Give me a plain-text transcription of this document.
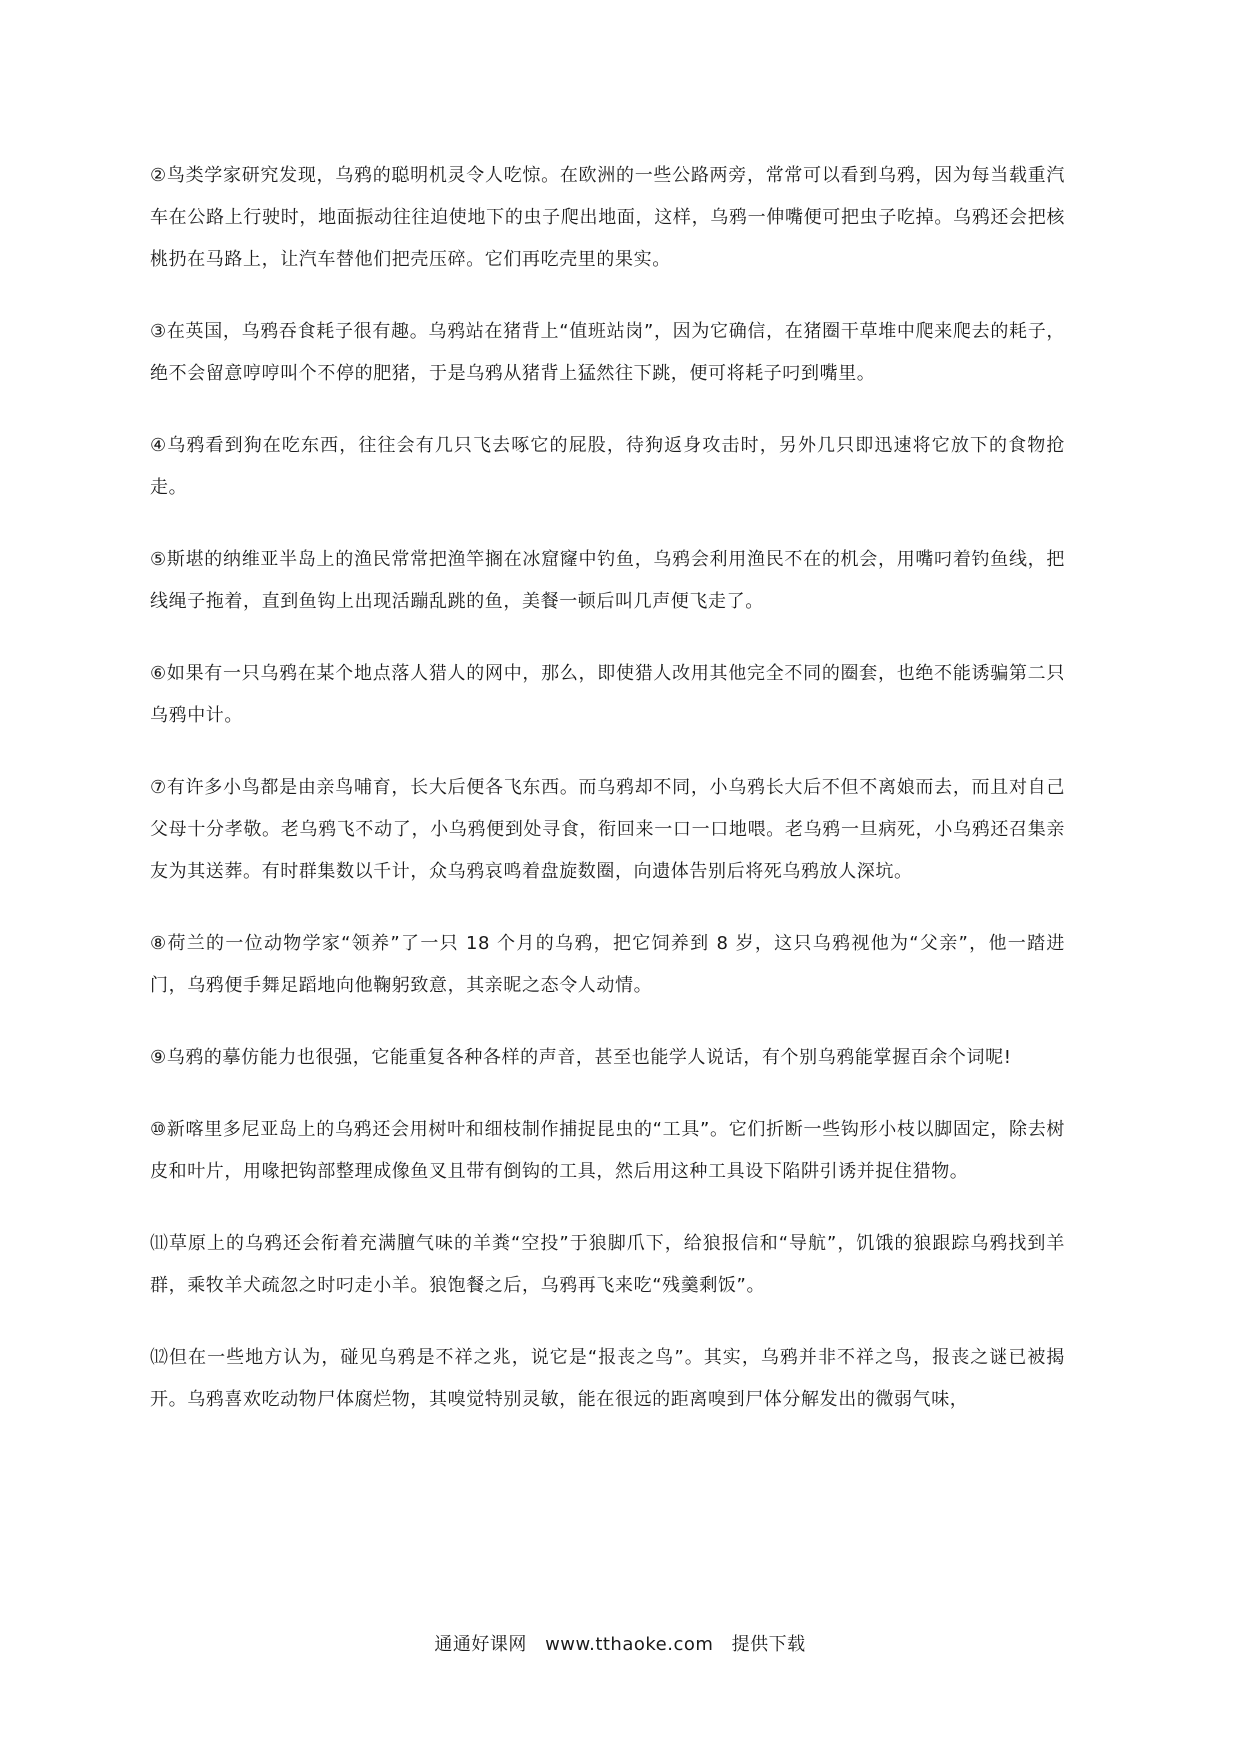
②鸟类学家研究发现，乌鸦的聪明机灵令人吃惊。在欧洲的一些公路两旁，常常可以看到乌鸦，因为每当载重汽车在公路上行驶时，地面振动往往迫使地下的虫子爬出地面，这样，乌鸦一伸嘴便可把虫子吃掉。乌鸦还会把核桃扔在马路上，让汽车替他们把壳压碎。它们再吃壳里的果实。

③在英国，乌鸦吞食耗子很有趣。乌鸦站在猪背上“值班站岗”，因为它确信，在猪圈干草堆中爬来爬去的耗子，绝不会留意哼哼叫个不停的肥猪，于是乌鸦从猪背上猛然往下跳，便可将耗子叼到嘴里。

④乌鸦看到狗在吃东西，往往会有几只飞去啄它的屁股，待狗返身攻击时，另外几只即迅速将它放下的食物抢走。

⑤斯堪的纳维亚半岛上的渔民常常把渔竿搁在冰窟窿中钓鱼，乌鸦会利用渔民不在的机会，用嘴叼着钓鱼线，把线绳子拖着，直到鱼钩上出现活蹦乱跳的鱼，美餐一顿后叫几声便飞走了。

⑥如果有一只乌鸦在某个地点落人猎人的网中，那么，即使猎人改用其他完全不同的圈套，也绝不能诱骗第二只乌鸦中计。

⑦有许多小鸟都是由亲鸟哺育，长大后便各飞东西。而乌鸦却不同，小乌鸦长大后不但不离娘而去，而且对自己父母十分孝敬。老乌鸦飞不动了，小乌鸦便到处寻食，衔回来一口一口地喂。老乌鸦一旦病死，小乌鸦还召集亲友为其送葬。有时群集数以千计，众乌鸦哀鸣着盘旋数圈，向遗体告别后将死乌鸦放人深坑。

⑧荷兰的一位动物学家“领养”了一只 18 个月的乌鸦，把它饲养到 8 岁，这只乌鸦视他为“父亲”，他一踏进门，乌鸦便手舞足蹈地向他鞠躬致意，其亲昵之态令人动情。

⑨乌鸦的摹仿能力也很强，它能重复各种各样的声音，甚至也能学人说话，有个别乌鸦能掌握百余个词呢!

⑩新喀里多尼亚岛上的乌鸦还会用树叶和细枝制作捕捉昆虫的“工具”。它们折断一些钩形小枝以脚固定，除去树皮和叶片，用喙把钩部整理成像鱼叉且带有倒钩的工具，然后用这种工具设下陷阱引诱并捉住猎物。

⑾草原上的乌鸦还会衔着充满膻气味的羊粪“空投”于狼脚爪下，给狼报信和“导航”，饥饿的狼跟踪乌鸦找到羊群，乘牧羊犬疏忽之时叼走小羊。狼饱餐之后，乌鸦再飞来吃“残羹剩饭”。

⑿但在一些地方认为，碰见乌鸦是不祥之兆，说它是“报丧之鸟”。其实，乌鸦并非不祥之鸟，报丧之谜已被揭开。乌鸦喜欢吃动物尸体腐烂物，其嗅觉特别灵敏，能在很远的距离嗅到尸体分解发出的微弱气味，

通通好课网 www.tthaoke.com 提供下载
